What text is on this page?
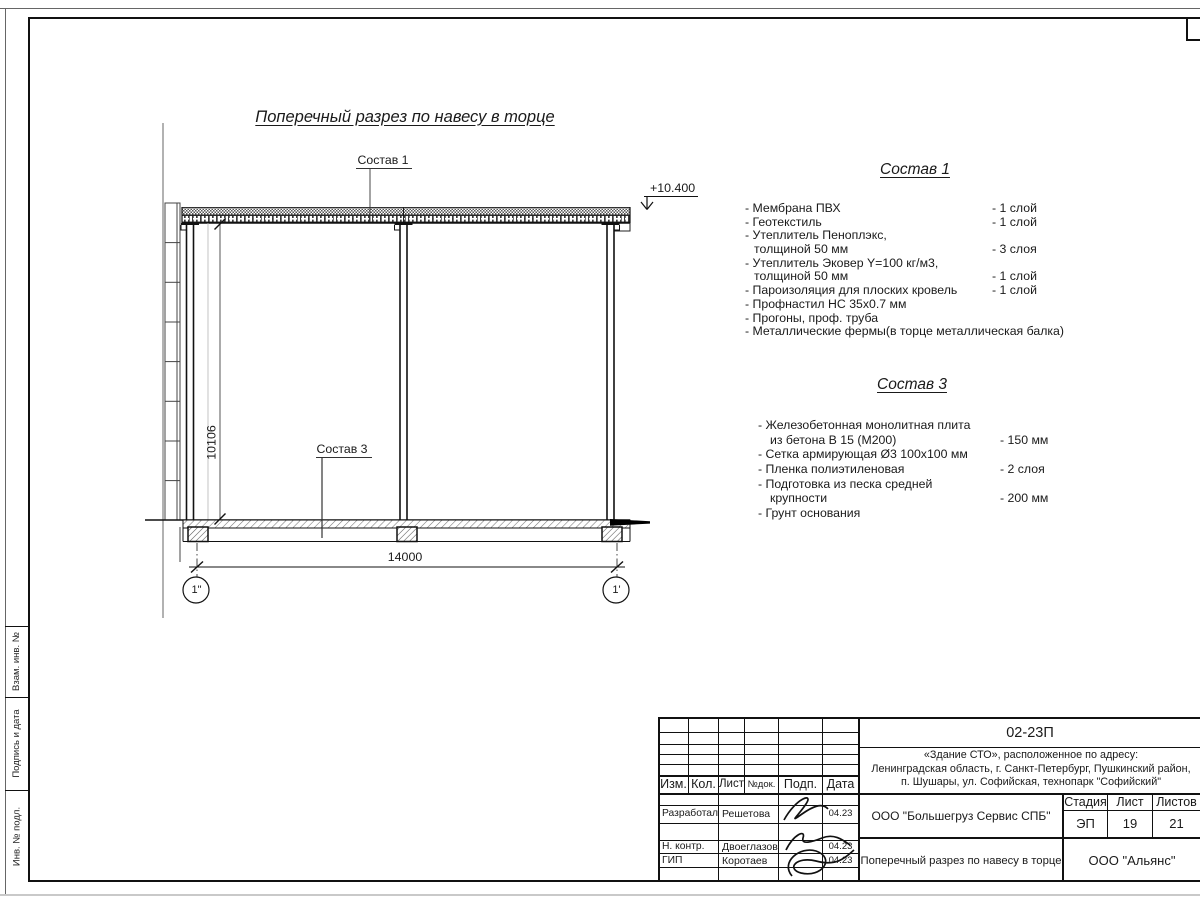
Взам. инв. №
Подпись и дата
Инв. № подл.
Поперечный разрез по навесу в торце
Состав 1
Состав 3
+10.400
14000
10106
1"	1'
Состав 1
- Мембрана ПВХ	- 1 слой
- Геотекстиль	- 1 слой
- Утеплитель Пеноплэкс,
толщиной 50 мм	- 3 слоя
- Утеплитель Эковер Y=100 кг/м3,
толщиной 50 мм	- 1 слой
- Пароизоляция для плоских кровель	- 1 слой
- Профнастил НС 35х0.7 мм
- Прогоны, проф. труба
- Металлические фермы(в торце металлическая балка)
Состав 3
- Железобетонная монолитная плита
из бетона В 15 (М200)	- 150 мм
- Сетка армирующая Ø3 100х100 мм
- Пленка полиэтиленовая	- 2 слоя
- Подготовка из песка средней
крупности	- 200 мм
- Грунт основания
Изм. Кол. Лист №док. Подп. Дата
Разработал Решетова	04.23
Н. контр.	Двоеглазов	04.23
ГИП	Коротаев	04.23
02-23П
«Здание СТО», расположенное по адресу:
Ленинградская область, г. Санкт-Петербург, Пушкинский район,
п. Шушары, ул. Софийская, технопарк "Софийский"
ООО "Большегруз Сервис СПБ"
Стадия Лист	Листов
ЭП	19	21
Поперечный разрез по навесу в торце	ООО "Альянс"
